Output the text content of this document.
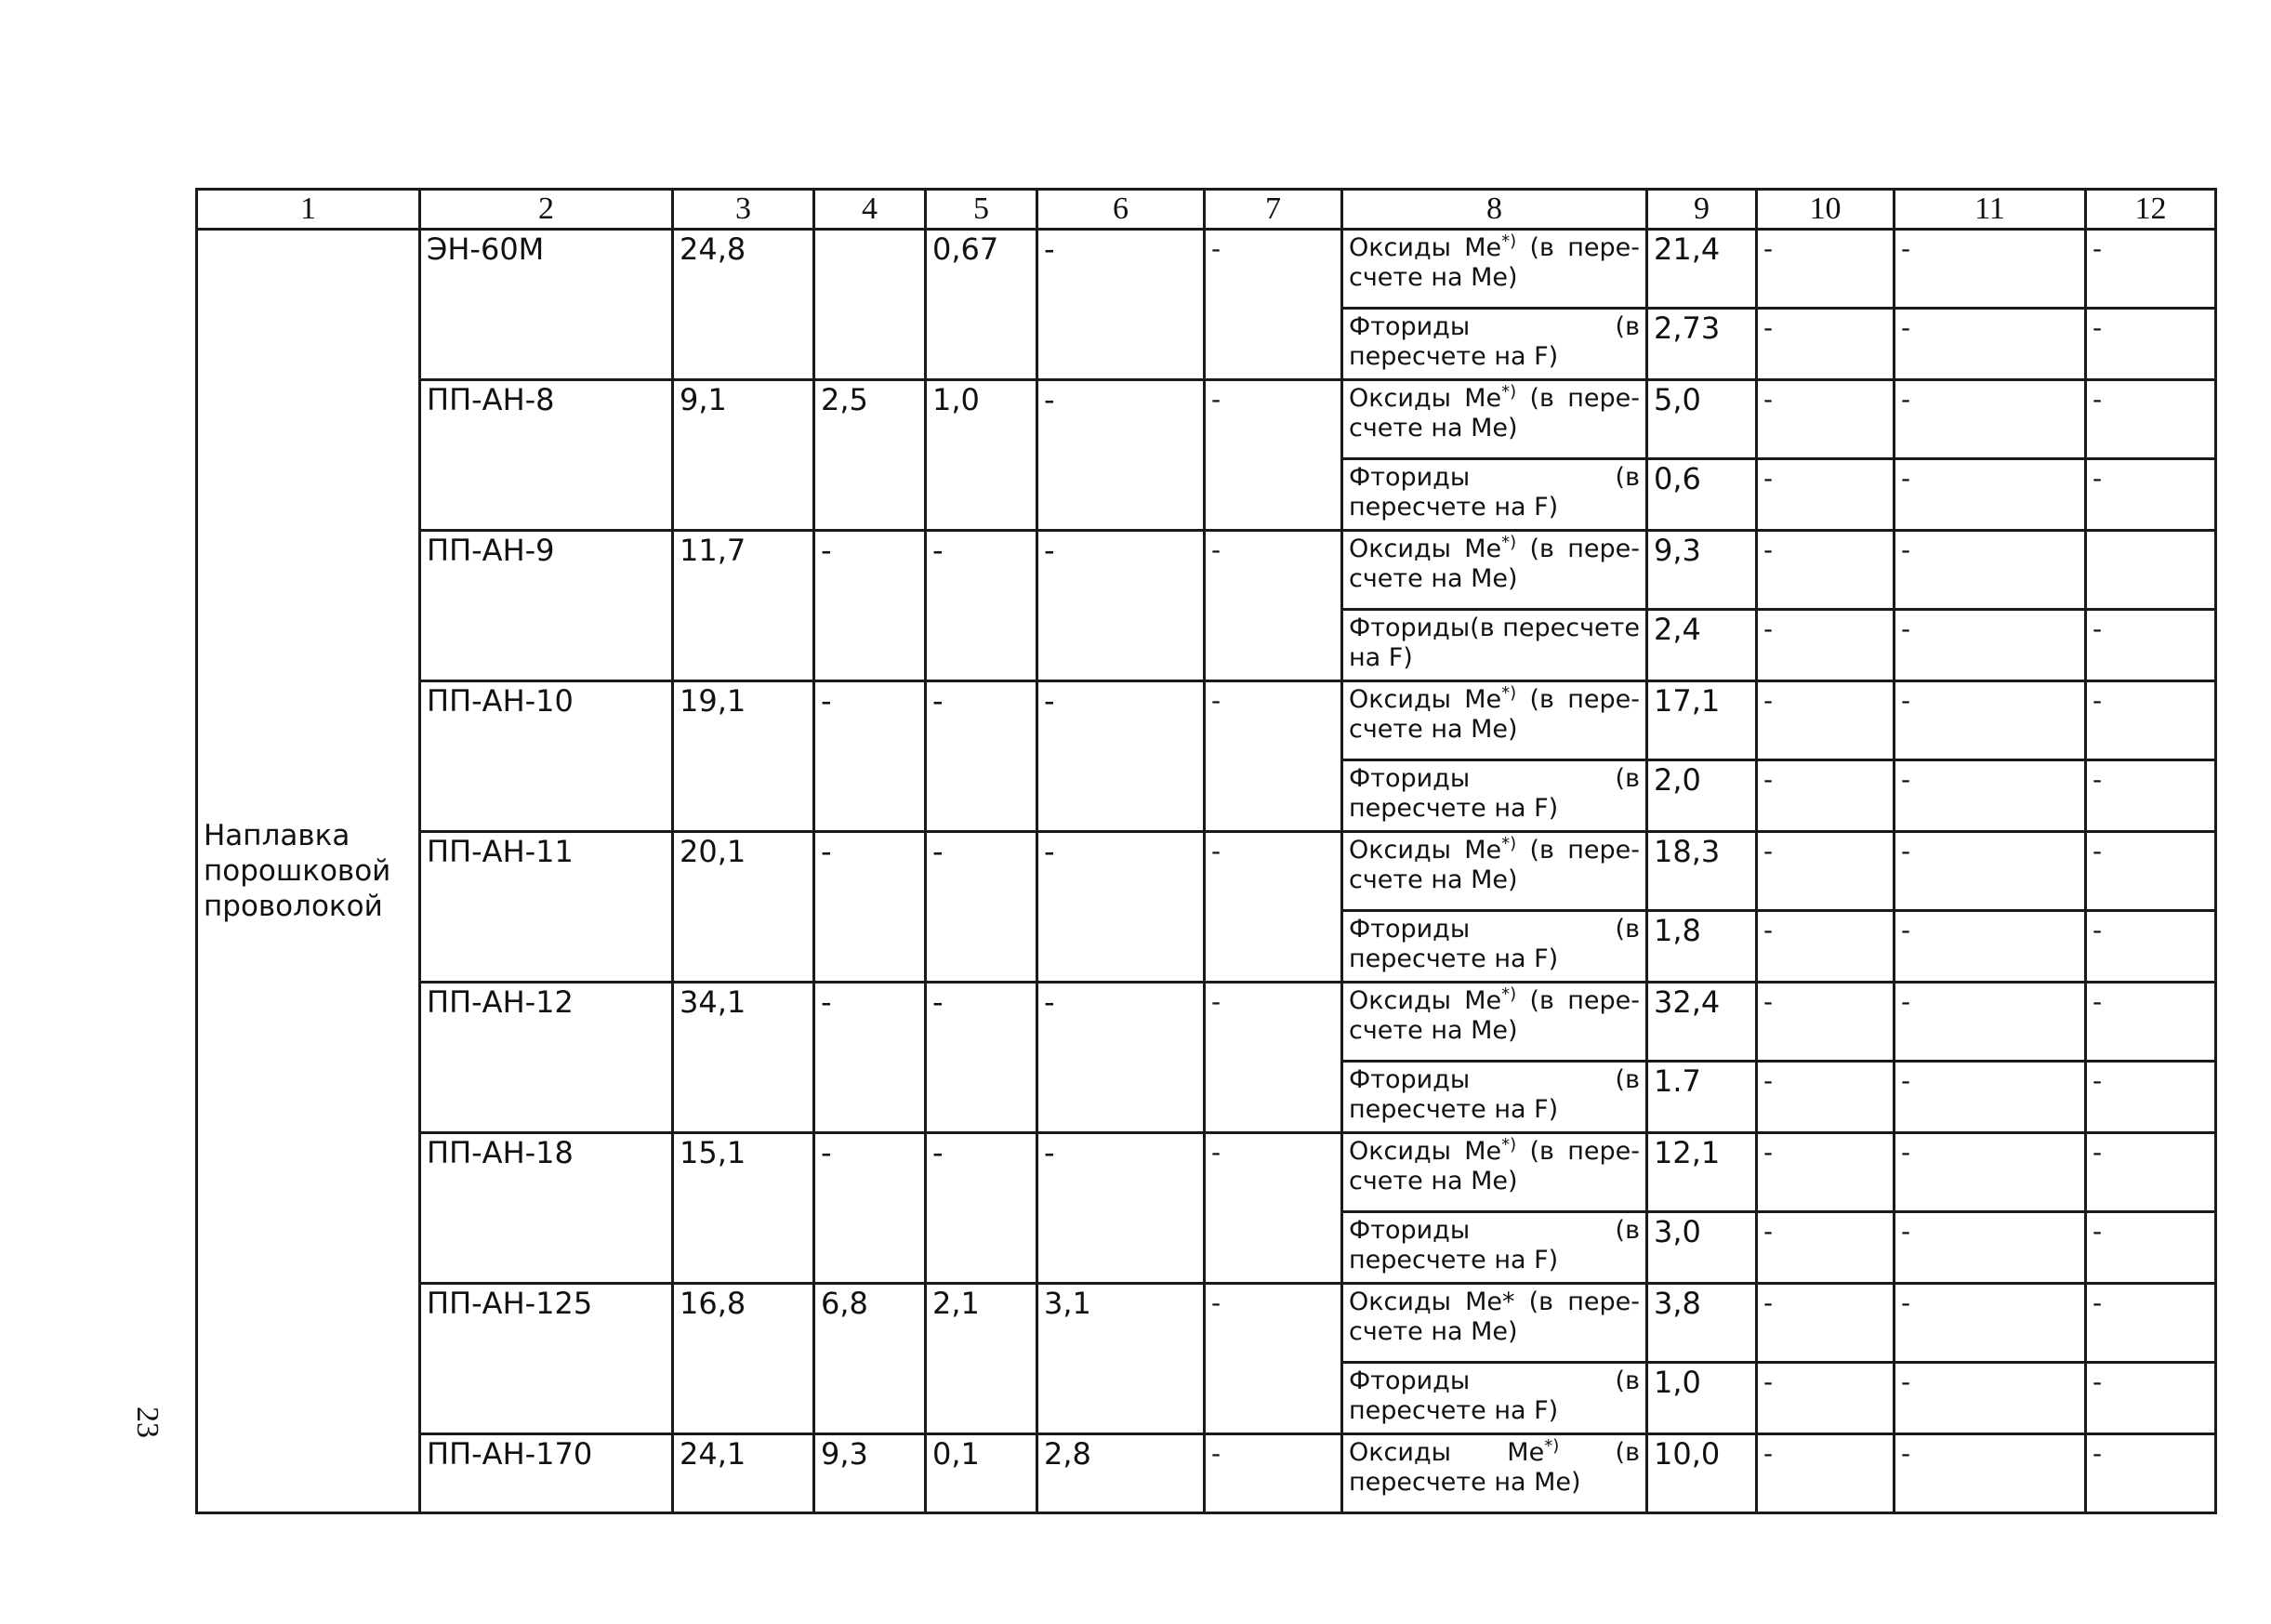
23
1	2	3	4	5	6	7	8	9	10	11	12
Наплавка порошковой проволокой	ЭН-60М	24,8		0,67	-	-	Оксиды Ме*) (в пере-счете на Ме)	21,4	-	-	-
							Фториды (в пересчете на F)	2,73	-	-	-
	ПП-АН-8	9,1	2,5	1,0	-	-	Оксиды Ме*) (в пере-счете на Ме)	5,0	-	-	-
							Фториды (в пересчете на F)	0,6	-	-	-
	ПП-АН-9	11,7	-	-	-	-	Оксиды Ме*) (в пере-счете на Ме)	9,3	-	-	
							Фториды(в пересчете на F)	2,4	-	-	-
	ПП-АН-10	19,1	-	-	-	-	Оксиды Ме*) (в пере-счете на Ме)	17,1	-	-	-
							Фториды (в пересчете на F)	2,0	-	-	-
	ПП-АН-11	20,1	-	-	-	-	Оксиды Ме*) (в пере-счете на Ме)	18,3	-	-	-
							Фториды (в пересчете на F)	1,8	-	-	-
	ПП-АН-12	34,1	-	-	-	-	Оксиды Ме*) (в пере-счете на Ме)	32,4	-	-	-
							Фториды (в пересчете на F)	1.7	-	-	-
	ПП-АН-18	15,1	-	-	-	-	Оксиды Ме*) (в пере-счете на Ме)	12,1	-	-	-
							Фториды (в пересчете на F)	3,0	-	-	-
	ПП-АН-125	16,8	6,8	2,1	3,1	-	Оксиды Ме* (в пере-счете на Ме)	3,8	-	-	-
							Фториды (в пересчете на F)	1,0	-	-	-
	ПП-АН-170	24,1	9,3	0,1	2,8	-	Оксиды Ме*) (в пересчете на Ме)	10,0	-	-	-
